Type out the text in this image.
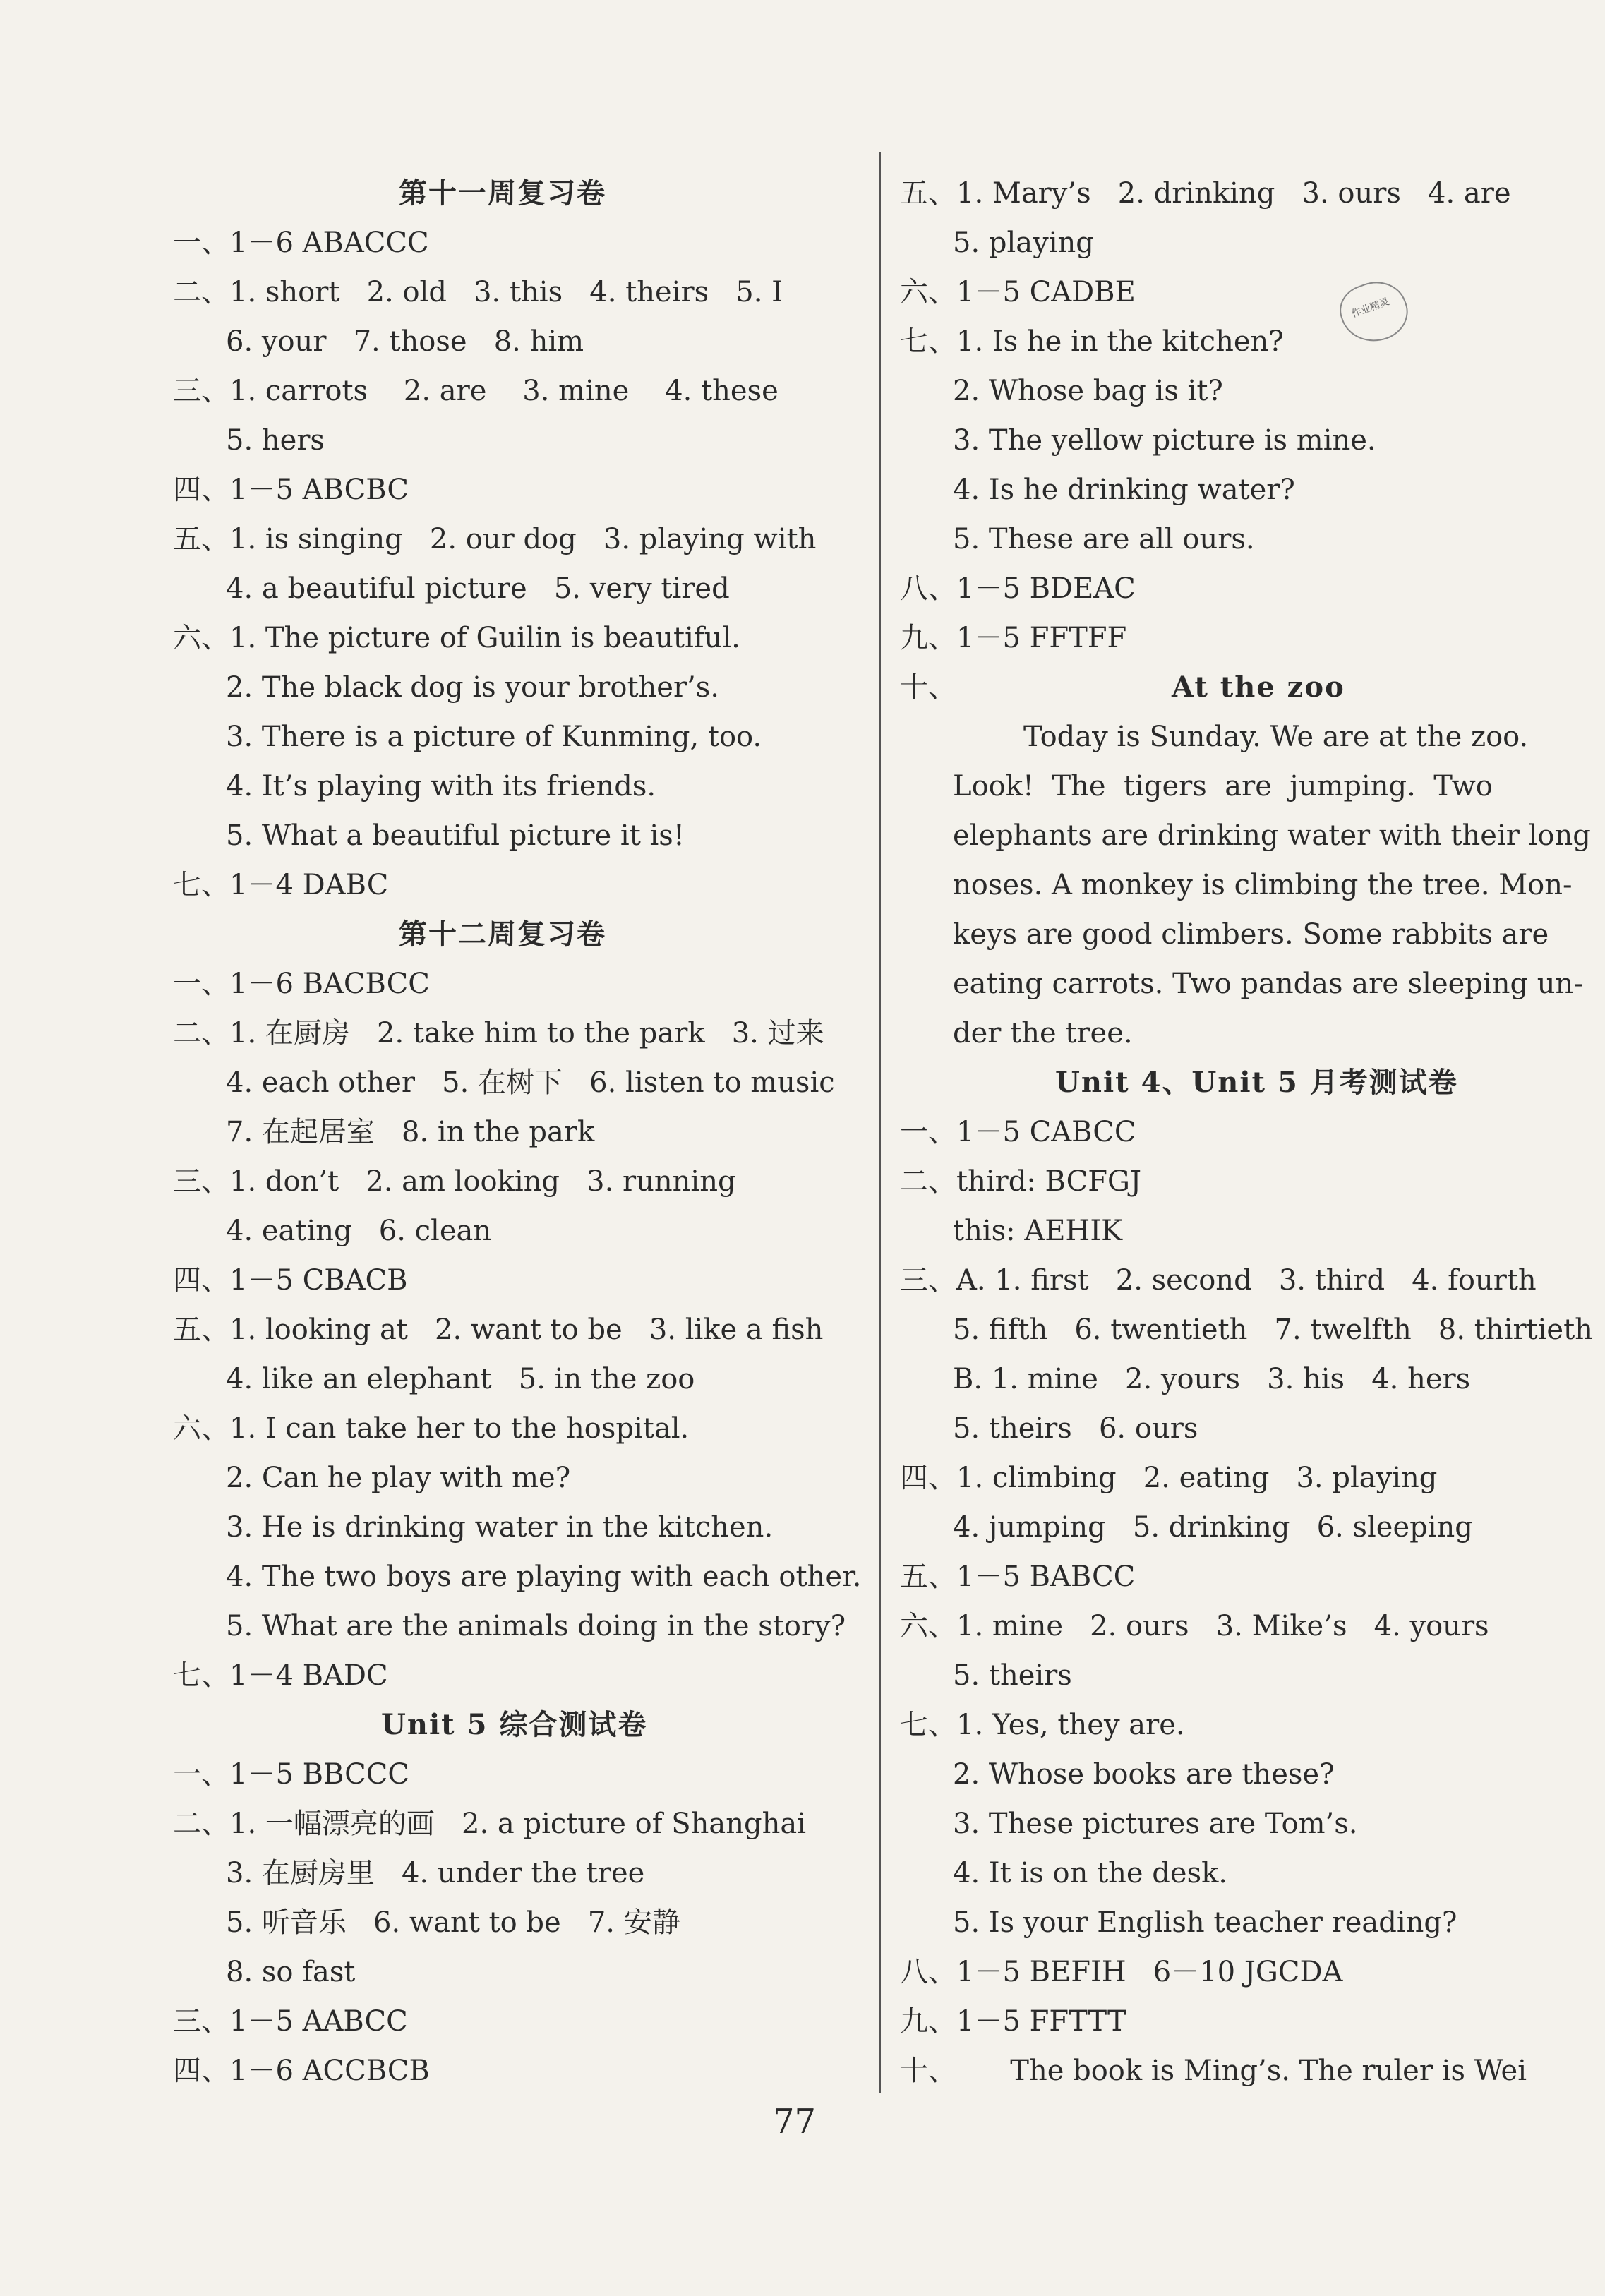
第十一周复习卷
一、1－6 ABACCC
二、1. short   2. old   3. this   4. theirs   5. I
6. your   7. those   8. him
三、1. carrots    2. are    3. mine    4. these
5. hers
四、1－5 ABCBC
五、1. is singing   2. our dog   3. playing with
4. a beautiful picture   5. very tired
六、1. The picture of Guilin is beautiful.
2. The black dog is your brother’s.
3. There is a picture of Kunming, too.
4. It’s playing with its friends.
5. What a beautiful picture it is!
七、1－4 DABC
第十二周复习卷
一、1－6 BACBCC
二、1. 在厨房   2. take him to the park   3. 过来
4. each other   5. 在树下   6. listen to music
7. 在起居室   8. in the park
三、1. don’t   2. am looking   3. running
4. eating   6. clean
四、1－5 CBACB
五、1. looking at   2. want to be   3. like a fish
4. like an elephant   5. in the zoo
六、1. I can take her to the hospital.
2. Can he play with me?
3. He is drinking water in the kitchen.
4. The two boys are playing with each other.
5. What are the animals doing in the story?
七、1－4 BADC
Unit 5 综合测试卷
一、1－5 BBCCC
二、1. 一幅漂亮的画   2. a picture of Shanghai
3. 在厨房里   4. under the tree
5. 听音乐   6. want to be   7. 安静
8. so fast
三、1－5 AABCC
四、1－6 ACCBCB
五、1. Mary’s   2. drinking   3. ours   4. are
5. playing
六、1－5 CADBE
七、1. Is he in the kitchen?
2. Whose bag is it?
3. The yellow picture is mine.
4. Is he drinking water?
5. These are all ours.
八、1－5 BDEAC
九、1－5 FFTFF
十、	At the zoo
Today is Sunday. We are at the zoo.
Look!  The  tigers  are  jumping.  Two
elephants are drinking water with their long
noses. A monkey is climbing the tree. Mon-
keys are good climbers. Some rabbits are
eating carrots. Two pandas are sleeping un-
der the tree.
Unit 4、Unit 5 月考测试卷
一、1－5 CABCC
二、third: BCFGJ
this: AEHIK
三、A. 1. first   2. second   3. third   4. fourth
5. fifth   6. twentieth   7. twelfth   8. thirtieth
B. 1. mine   2. yours   3. his   4. hers
5. theirs   6. ours
四、1. climbing   2. eating   3. playing
4. jumping   5. drinking   6. sleeping
五、1－5 BABCC
六、1. mine   2. ours   3. Mike’s   4. yours
5. theirs
七、1. Yes, they are.
2. Whose books are these?
3. These pictures are Tom’s.
4. It is on the desk.
5. Is your English teacher reading?
八、1－5 BEFIH   6－10 JGCDA
九、1－5 FFTTT
十、      The book is Ming’s. The ruler is Wei
77
作业精灵
